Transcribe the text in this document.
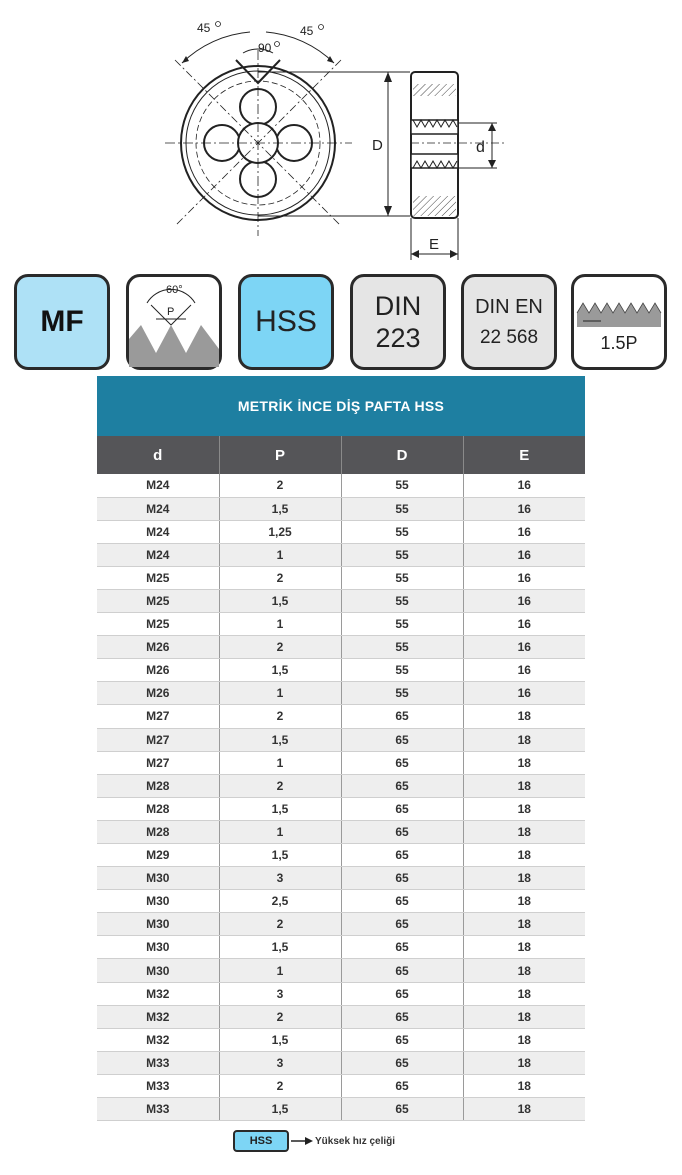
45	45
90
D	d
E
MF
60°
P	HSS DIN
223
DIN EN
22 568	1.5P
METRİK İNCE DİŞ PAFTA HSS
d	P	D	E
M24	2	55	16
M24	1,5	55	16
M24	1,25	55	16
M24	1	55	16
M25	2	55	16
M25	1,5	55	16
M25	1	55	16
M26	2	55	16
M26	1,5	55	16
M26	1	55	16
M27	2	65	18
M27	1,5	65	18
M27	1	65	18
M28	2	65	18
M28	1,5	65	18
M28	1	65	18
M29	1,5	65	18
M30	3	65	18
M30	2,5	65	18
M30	2	65	18
M30	1,5	65	18
M30	1	65	18
M32	3	65	18
M32	2	65	18
M32	1,5	65	18
M33	3	65	18
M33	2	65	18
M33	1,5	65	18
HSS	Yüksek hız çeliği
